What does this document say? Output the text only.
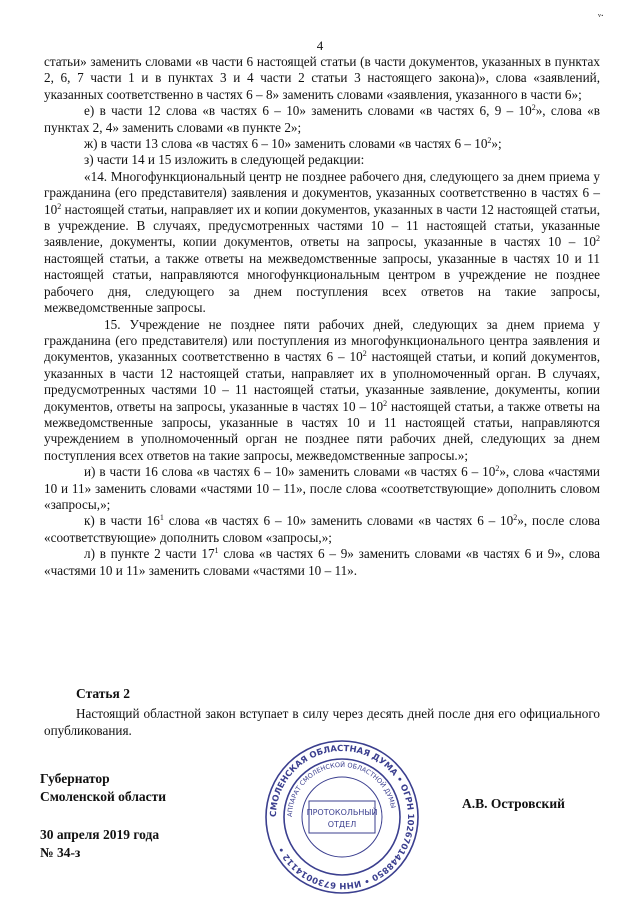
ᵥ.
4

статьи» заменить словами «в части 6 настоящей статьи (в части документов, указанных в пунктах 2, 6, 7 части 1 и в пунктах 3 и 4 части 2 статьи 3 настоящего закона)», слова «заявлений, указанных соответственно в частях 6 – 8» заменить словами «заявления, указанного в части 6»;

е) в части 12 слова «в частях 6 – 10» заменить словами «в частях 6, $9 - 10^2$», слова «в пунктах 2, 4» заменить словами «в пункте 2»;

ж) в части 13 слова «в частях 6 – 10» заменить словами «в частях $6 - 10^2$»;

з) части 14 и 15 изложить в следующей редакции:

«14. Многофункциональный центр не позднее рабочего дня, следующего за днем приема у гражданина (его представителя) заявления и документов, указанных соответственно в частях $6 - 10^2$ настоящей статьи, направляет их и копии документов, указанных в части 12 настоящей статьи, в учреждение. В случаях, предусмотренных частями 10 – 11 настоящей статьи, указанные заявление, документы, копии документов, ответы на запросы, указанные в частях $10 - 10^2$ настоящей статьи, а также ответы на межведомственные запросы, указанные в частях 10 и 11 настоящей статьи, направляются многофункциональным центром в учреждение не позднее рабочего дня, следующего за днем поступления всех ответов на такие запросы, межведомственные запросы.

15. Учреждение не позднее пяти рабочих дней, следующих за днем приема у гражданина (его представителя) или поступления из многофункционального центра заявления и документов, указанных соответственно в частях $6 - 10^2$ настоящей статьи, и копий документов, указанных в части 12 настоящей статьи, направляет их в уполномоченный орган. В случаях, предусмотренных частями 10 – 11 настоящей статьи, указанные заявление, документы, копии документов, ответы на запросы, указанные в частях $10 - 10^2$ настоящей статьи, а также ответы на межведомственные запросы, указанные в частях 10 и 11 настоящей статьи, направляются учреждением в уполномоченный орган не позднее пяти рабочих дней, следующих за днем поступления всех ответов на такие запросы, межведомственные запросы.»;

и) в части 16 слова «в частях 6 – 10» заменить словами «в частях $6 - 10^2$», слова «частями 10 и 11» заменить словами «частями 10 – 11», после слова «соответствующие» дополнить словом «запросы,»;

к) в части $16^1$ слова «в частях 6 – 10» заменить словами «в частях $6 - 10^2$», после слова «соответствующие» дополнить словом «запросы,»;

л) в пункте 2 части $17^1$ слова «в частях 6 – 9» заменить словами «в частях 6 и 9», слова «частями 10 и 11» заменить словами «частями 10 – 11».

Статья 2
Настоящий областной закон вступает в силу через десять дней после дня его официального опубликования.
Губернатор
Смоленской области	А.В. Островский
30 апреля 2019 года
№ 34-з
СМОЛЕНСКАЯ ОБЛАСТНАЯ ДУМА • ОГРН 1026701448850 • ИНН 6730014112 •
АППАРАТ СМОЛЕНСКОЙ ОБЛАСТНОЙ ДУМЫ
ПРОТОКОЛЬНЫЙ
ОТДЕЛ
